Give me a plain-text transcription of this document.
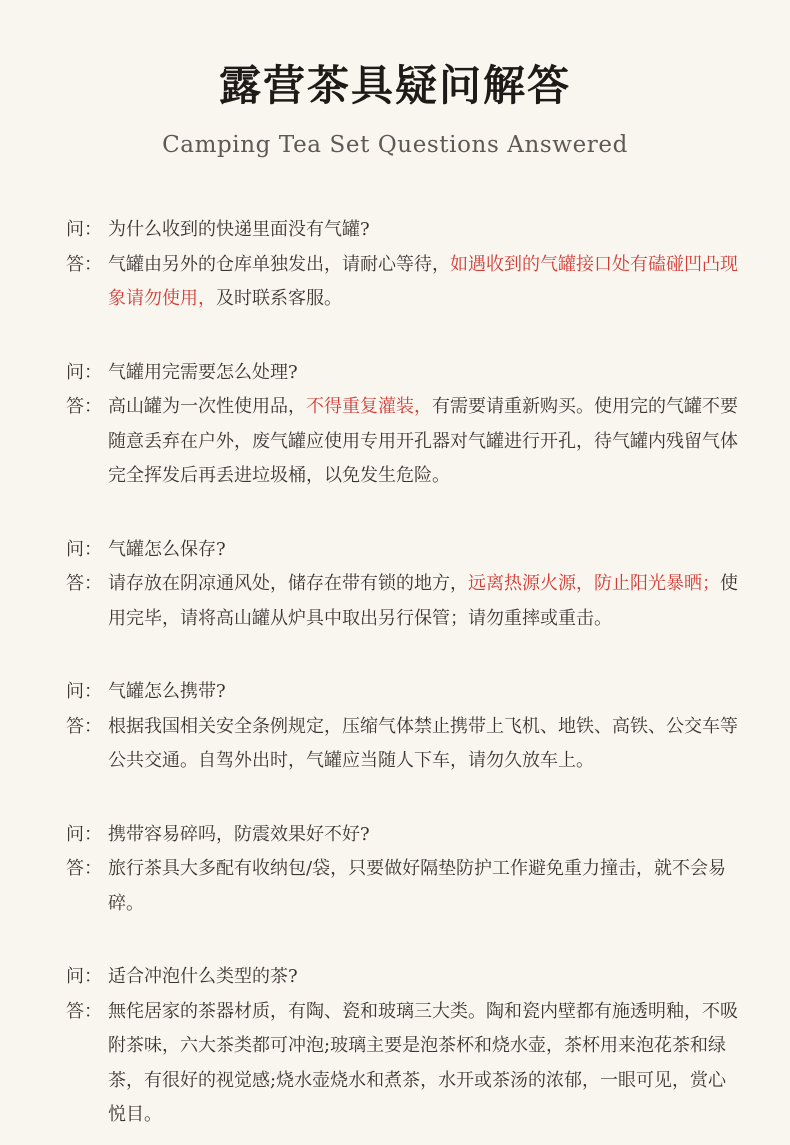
露营茶具疑问解答
Camping Tea Set Questions Answered
问： 为什么收到的快递里面没有气罐?
答： 气罐由另外的仓库单独发出，请耐心等待，如遇收到的气罐接口处有磕碰凹凸现象请勿使用，及时联系客服。
问： 气罐用完需要怎么处理?
答： 高山罐为一次性使用品，不得重复灌装，有需要请重新购买。使用完的气罐不要随意丢弃在户外，废气罐应使用专用开孔器对气罐进行开孔，待气罐内残留气体完全挥发后再丢进垃圾桶，以免发生危险。
问： 气罐怎么保存?
答： 请存放在阴凉通风处，储存在带有锁的地方，远离热源火源，防止阳光暴晒；使用完毕，请将高山罐从炉具中取出另行保管；请勿重摔或重击。
问： 气罐怎么携带?
答： 根据我国相关安全条例规定，压缩气体禁止携带上飞机、地铁、高铁、公交车等公共交通。自驾外出时，气罐应当随人下车，请勿久放车上。
问： 携带容易碎吗，防震效果好不好?
答： 旅行茶具大多配有收纳包/袋，只要做好隔垫防护工作避免重力撞击，就不会易碎。
问： 适合冲泡什么类型的茶?
答： 無侘居家的茶器材质，有陶、瓷和玻璃三大类。陶和瓷内壁都有施透明釉，不吸附茶味，六大茶类都可冲泡;玻璃主要是泡茶杯和烧水壶，茶杯用来泡花茶和绿茶，有很好的视觉感;烧水壶烧水和煮茶，水开或茶汤的浓郁，一眼可见，赏心悦目。
